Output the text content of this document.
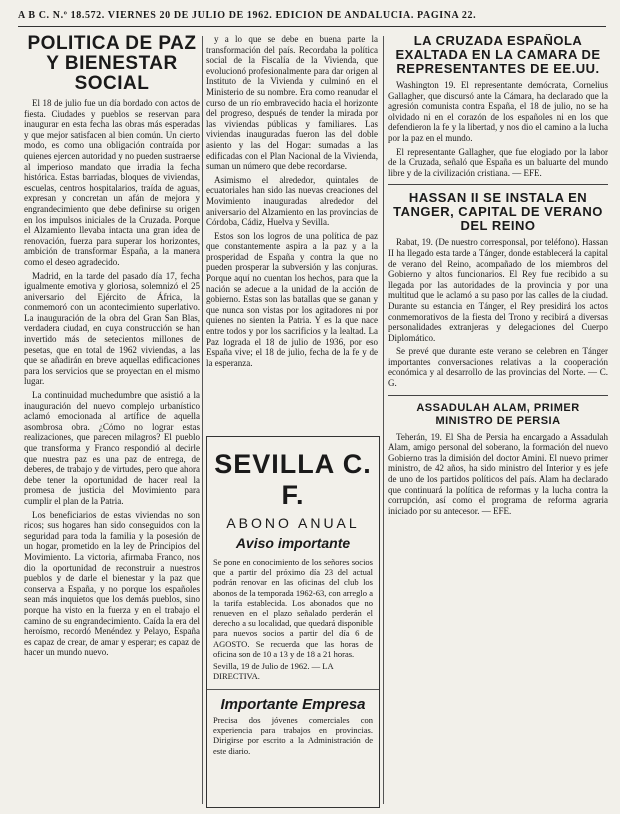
A B C. N.º 18.572. VIERNES 20 DE JULIO DE 1962. EDICION DE ANDALUCIA. PAGINA 22.
POLITICA DE PAZ Y BIENESTAR SOCIAL

El 18 de julio fue un día bordado con actos de fiesta. Ciudades y pueblos se reservan para inaugurar en esta fecha las obras más esperadas y que mejor satisfacen al bien común. Un cierto modo, es como una obligación contraída por quienes ejercen autoridad y no pueden sustraerse al imperioso mandato que irradia la fecha histórica. Estas barriadas, bloques de viviendas, escuelas, centros hospitalarios, traída de aguas, expresan y concretan un afán de mejora y engrandecimiento que debe definirse su origen en los impulsos iniciales de la Cruzada. Porque el Alzamiento llevaba intacta una gran idea de renovación, fuerza para superar los horizontes, ambición de transformar España, a la manera como el deseo agradecido.

Madrid, en la tarde del pasado día 17, fecha igualmente emotiva y gloriosa, solemnizó el 25 aniversario del Ejército de África, la conmemoró con un acontecimiento superlativo. La inauguración de la obra del Gran San Blas, verdadera ciudad, en cuya construcción se han invertido más de setecientos millones de pesetas, que en total de 1962 viviendas, a las que se añadirán en breve aquellas edificaciones para los servicios que se proyectan en el mismo lugar.

La continuidad muchedumbre que asistió a la inauguración del nuevo complejo urbanístico aclamó emocionada al artífice de aquella asombrosa obra. ¿Cómo no lograr estas realizaciones, que parecen milagros? El pueblo que transforma y Franco respondió al decirle que nuestra paz es una paz de entrega, de deberes, de trabajo y de virtudes, pero que ahora debe tener la oportunidad de hacer real la promesa de justicia del Movimiento para cumplir el plan de la Patria.

Los beneficiarios de estas viviendas no son ricos; sus hogares han sido conseguidos con la seguridad para toda la familia y la posesión de un hogar, prometido en la ley de Principios del Movimiento. La victoria, afirmaba Franco, nos dio la oportunidad de reconstruir a nuestros pueblos y de darle el bienestar y la paz que conserva a España, y no porque los españoles sean más inquietos que los demás pueblos, sino porque ha visto en la fuerza y en el trabajo el camino de su engrandecimiento. Caída la era del heroísmo, recordó Menéndez y Pelayo, España es capaz de crear, de amar y esperar; es capaz de hacer un mundo nuevo.

y a lo que se debe en buena parte la transformación del país. Recordaba la política social de la Fiscalía de la Vivienda, que evolucionó profesionalmente para dar origen al Instituto de la Vivienda y culminó en el Ministerio de su nombre. Era como reanudar el curso de un río embravecido hacia el horizonte del progreso, después de tender la mirada por las viviendas públicas y familiares. Las viviendas inauguradas fueron las del doble asiento y las del Hogar: sumadas a las edificadas con el Plan Nacional de la Vivienda, suman un número que debe recordarse.

Asimismo el alrededor, quintales de ecuatoriales han sido las nuevas creaciones del Movimiento inauguradas alrededor del aniversario del Alzamiento en las provincias de Córdoba, Cádiz, Huelva y Sevilla.

Estos son los logros de una política de paz que constantemente aspira a la paz y a la prosperidad de España y contra la que no pueden prosperar la subversión y las conjuras. Porque aquí no cuentan los hechos, para que la nación se adecue a la unidad de la acción de gobierno. Estas son las batallas que se ganan y que nunca son vistas por los agitadores ni por quienes no sienten la Patria. Y es la que nace entre todos y por los sacrificios y la lealtad. La Paz lograda el 18 de julio de 1936, por eso España vive; el 18 de julio, fecha de la fe y de la esperanza.

SEVILLA C. F.
ABONO ANUAL
Aviso importante
Se pone en conocimiento de los señores socios que a partir del próximo día 23 del actual podrán renovar en las oficinas del club los abonos de la temporada 1962-63, con arreglo a la tarifa establecida. Los abonados que no renueven en el plazo señalado perderán el derecho a su localidad, que quedará disponible para nuevos socios a partir del día 6 de AGOSTO. Se recuerda que las horas de oficina son de 10 a 13 y de 18 a 21 horas.
Sevilla, 19 de Julio de 1962. — LA DIRECTIVA.
Importante Empresa
Precisa dos jóvenes comerciales con experiencia para trabajos en provincias. Dirigirse por escrito a la Administración de este diario.
LA CRUZADA ESPAÑOLA EXALTADA EN LA CAMARA DE REPRESENTANTES DE EE.UU.

Washington 19. El representante demócrata, Cornelius Gallagher, que discursó ante la Cámara, ha declarado que la agresión comunista contra España, el 18 de julio, no se ha olvidado ni en el corazón de los españoles ni en los que defendieron la fe y la libertad, y nos dio el camino a la lucha por la paz en el mundo.

El representante Gallagher, que fue elogiado por la labor de la Cruzada, señaló que España es un baluarte del mundo libre y de la civilización cristiana. — EFE.

HASSAN II SE INSTALA EN TANGER, CAPITAL DE VERANO DEL REINO

Rabat, 19. (De nuestro corresponsal, por teléfono). Hassan II ha llegado esta tarde a Tánger, donde establecerá la capital de verano del Reino, acompañado de los miembros del Gobierno y altos funcionarios. El Rey fue recibido a su llegada por las autoridades de la provincia y por una multitud que le aclamó a su paso por las calles de la ciudad. Durante su estancia en Tánger, el Rey presidirá los actos conmemorativos de la fiesta del Trono y recibirá a diversas personalidades extranjeras y delegaciones del Cuerpo Diplomático.

Se prevé que durante este verano se celebren en Tánger importantes conversaciones relativas a la cooperación económica y al desarrollo de las provincias del Norte. — C. G.

ASSADULAH ALAM, PRIMER MINISTRO DE PERSIA

Teherán, 19. El Sha de Persia ha encargado a Assadulah Alam, amigo personal del soberano, la formación del nuevo Gobierno tras la dimisión del doctor Amini. El nuevo primer ministro, de 42 años, ha sido ministro del Interior y es jefe de uno de los partidos políticos del país. Alam ha declarado que continuará la política de reformas y la lucha contra la corrupción, así como el programa de reforma agraria iniciado por su antecesor. — EFE.
